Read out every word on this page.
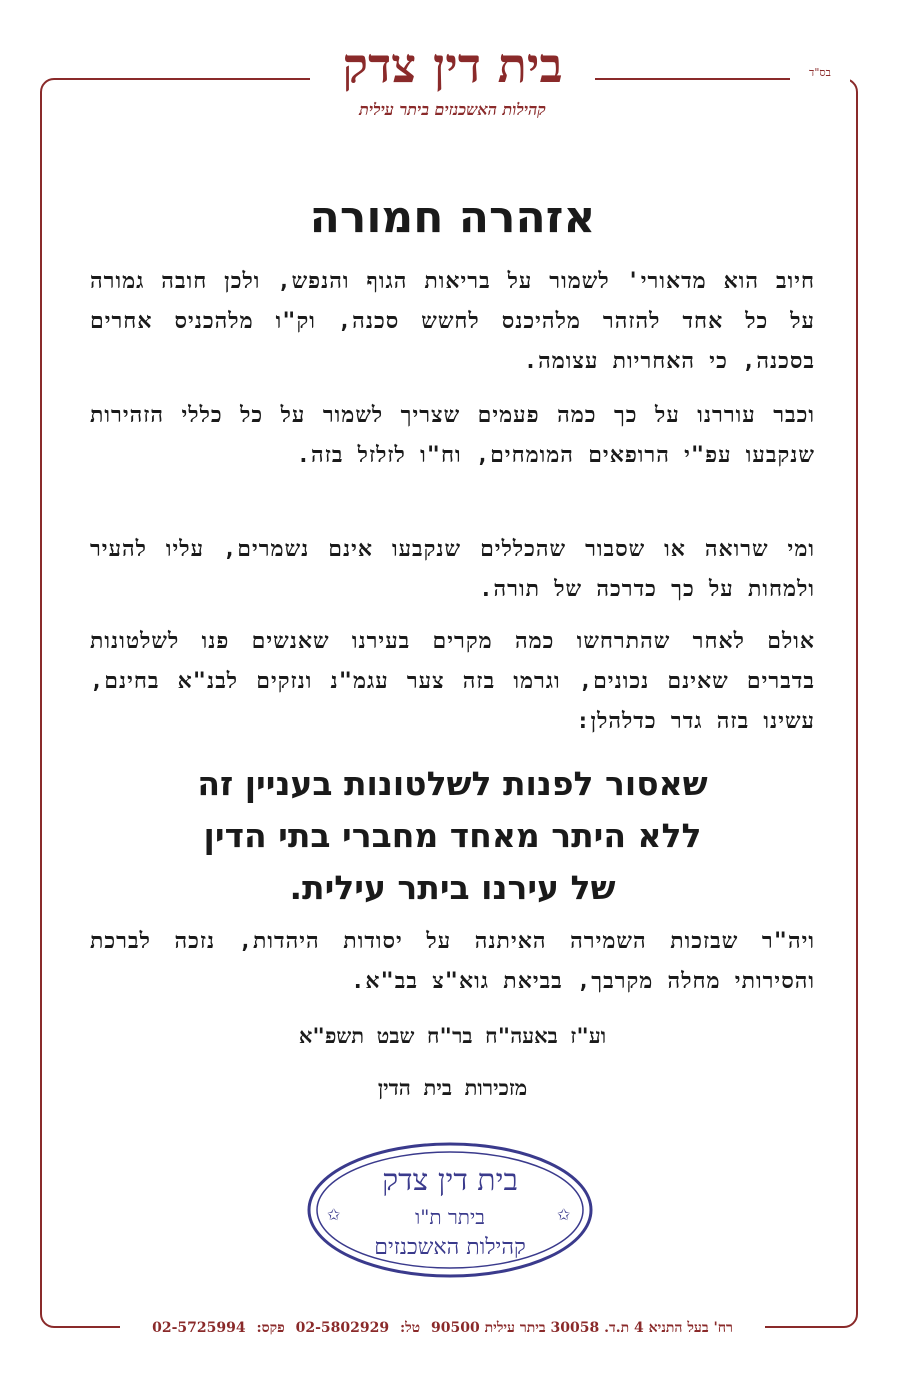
בית דין צדק
קהילות האשכנזים ביתר עילית
בס"ד
אזהרה חמורה
חיוב הוא מדאורי' לשמור על בריאות הגוף והנפש, ולכן חובה גמורה על כל אחד להזהר מלהיכנס לחשש סכנה, וק"ו מלהכניס אחרים בסכנה, כי האחריות עצומה.
וכבר עוררנו על כך כמה פעמים שצריך לשמור על כל כללי הזהירות שנקבעו עפ"י הרופאים המומחים, וח"ו לזלזל בזה.
ומי שרואה או שסבור שהכללים שנקבעו אינם נשמרים, עליו להעיר ולמחות על כך כדרכה של תורה.
אולם לאחר שהתרחשו כמה מקרים בעירנו שאנשים פנו לשלטונות בדברים שאינם נכונים, וגרמו בזה צער עגמ"נ ונזקים לבנ"א בחינם, עשינו בזה גדר כדלהלן:
שאסור לפנות לשלטונות בעניין זה
ללא היתר מאחד מחברי בתי הדין
של עירנו ביתר עילית.
ויה"ר שבזכות השמירה האיתנה על יסודות היהדות, נזכה לברכת והסירותי מחלה מקרבך, בביאת גוא"צ בב"א.
וע"ז באעה"ח בר"ח שבט תשפ"א
מזכירות בית הדין
בית דין צדק
ביתר ת"ו
קהילות האשכנזים
✩	✩
רח' בעל התניא 4 ת.ד. 30058 ביתר עילית 90500 טל: 02-5802929 פקס: 02-5725994
